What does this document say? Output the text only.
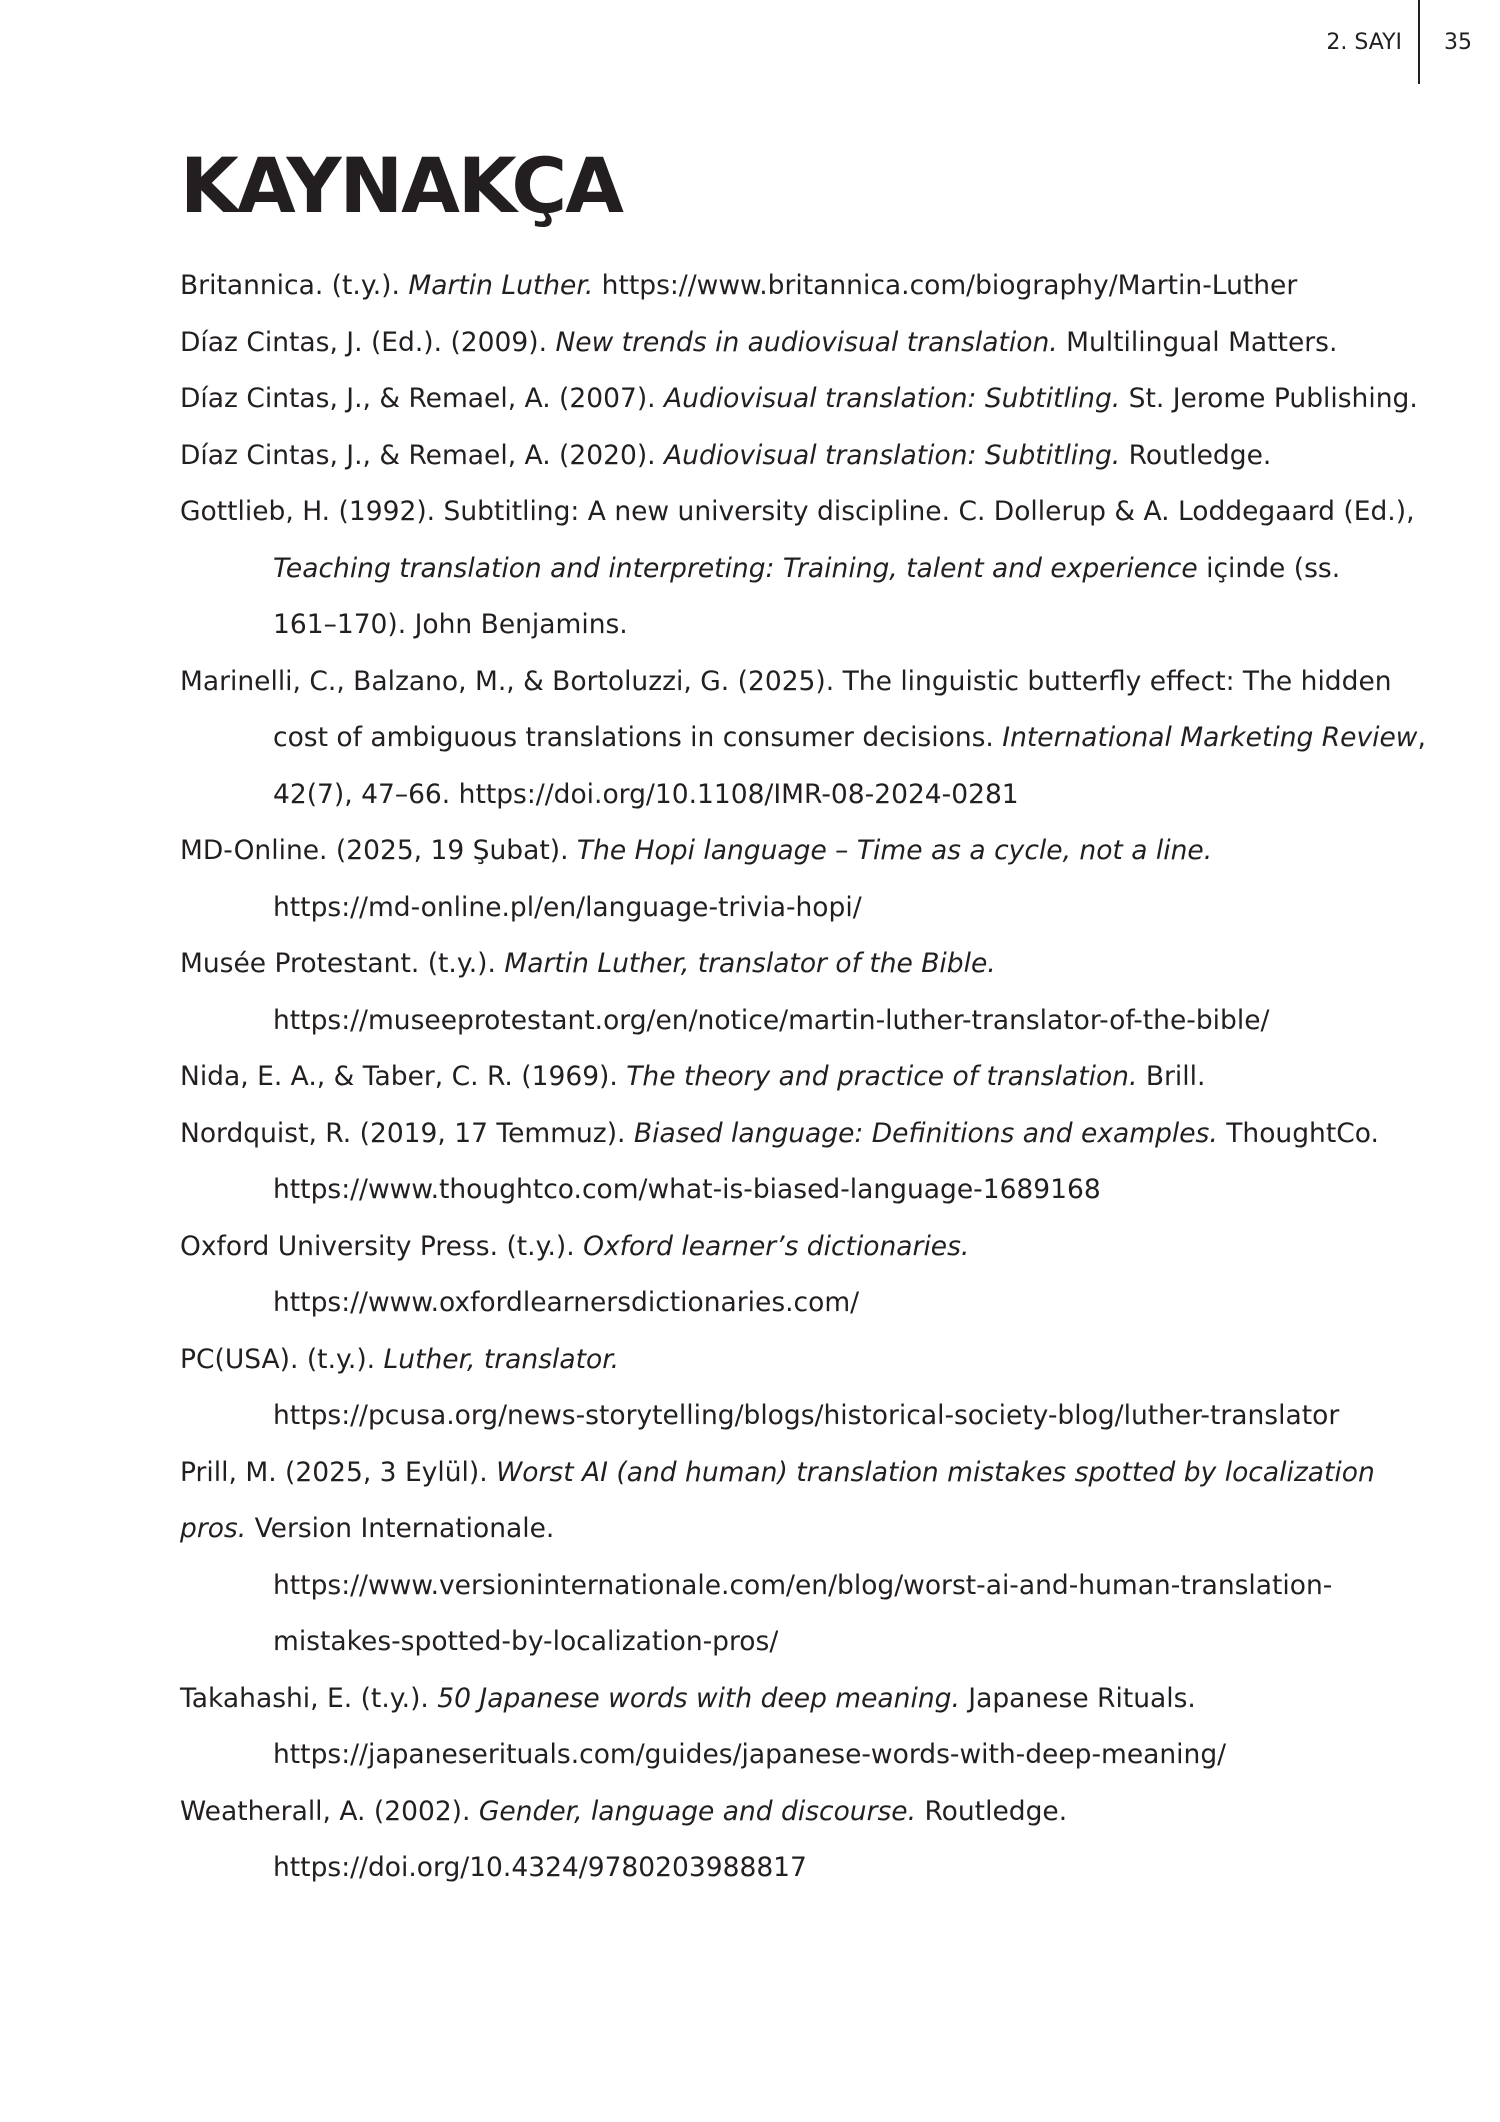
2. SAYI 35
KAYNAKÇA
Britannica. (t.y.). Martin Luther. https://www.britannica.com/biography/Martin-Luther
Díaz Cintas, J. (Ed.). (2009). New trends in audiovisual translation. Multilingual Matters.
Díaz Cintas, J., & Remael, A. (2007). Audiovisual translation: Subtitling. St. Jerome Publishing.
Díaz Cintas, J., & Remael, A. (2020). Audiovisual translation: Subtitling. Routledge.
Gottlieb, H. (1992). Subtitling: A new university discipline. C. Dollerup & A. Loddegaard (Ed.),
Teaching translation and interpreting: Training, talent and experience içinde (ss.
161–170). John Benjamins.
Marinelli, C., Balzano, M., & Bortoluzzi, G. (2025). The linguistic butterfly effect: The hidden
cost of ambiguous translations in consumer decisions. International Marketing Review,
42(7), 47–66. https://doi.org/10.1108/IMR-08-2024-0281
MD-Online. (2025, 19 Şubat). The Hopi language – Time as a cycle, not a line.
https://md-online.pl/en/language-trivia-hopi/
Musée Protestant. (t.y.). Martin Luther, translator of the Bible.
https://museeprotestant.org/en/notice/martin-luther-translator-of-the-bible/
Nida, E. A., & Taber, C. R. (1969). The theory and practice of translation. Brill.
Nordquist, R. (2019, 17 Temmuz). Biased language: Definitions and examples. ThoughtCo.
https://www.thoughtco.com/what-is-biased-language-1689168
Oxford University Press. (t.y.). Oxford learner’s dictionaries.
https://www.oxfordlearnersdictionaries.com/
PC(USA). (t.y.). Luther, translator.
https://pcusa.org/news-storytelling/blogs/historical-society-blog/luther-translator
Prill, M. (2025, 3 Eylül). Worst AI (and human) translation mistakes spotted by localization
pros. Version Internationale.
https://www.versioninternationale.com/en/blog/worst-ai-and-human-translation-
mistakes-spotted-by-localization-pros/
Takahashi, E. (t.y.). 50 Japanese words with deep meaning. Japanese Rituals.
https://japaneserituals.com/guides/japanese-words-with-deep-meaning/
Weatherall, A. (2002). Gender, language and discourse. Routledge.
https://doi.org/10.4324/9780203988817
